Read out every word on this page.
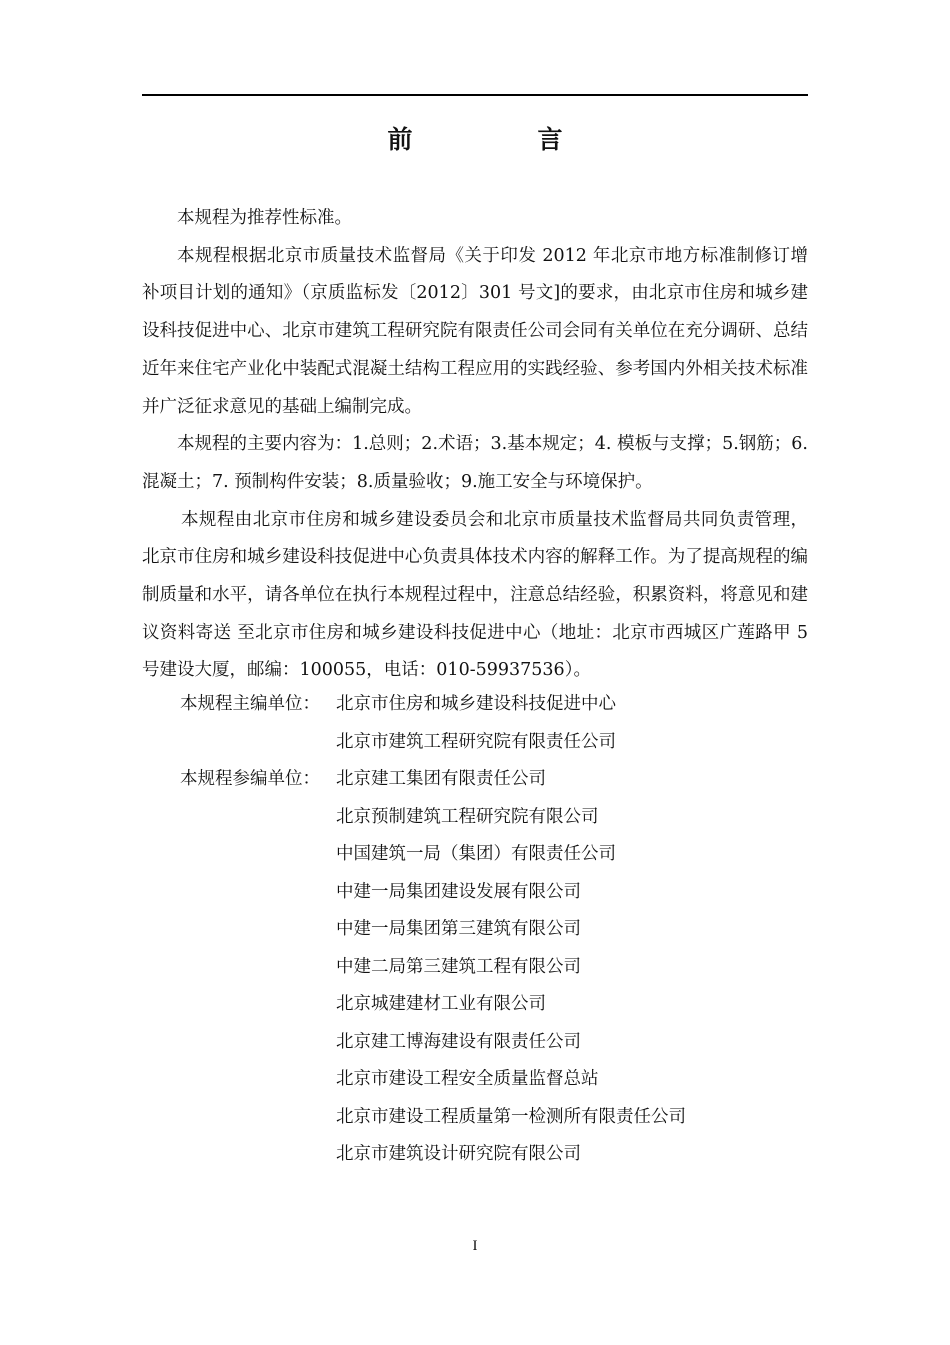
前　言

本规程为推荐性标准。

本规程根据北京市质量技术监督局《关于印发 2012 年北京市地方标准制修订增补项目计划的通知》（京质监标发〔2012〕301 号文]的要求，由北京市住房和城乡建设科技促进中心、北京市建筑工程研究院有限责任公司会同有关单位在充分调研、总结近年来住宅产业化中装配式混凝土结构工程应用的实践经验、参考国内外相关技术标准并广泛征求意见的基础上编制完成。

本规程的主要内容为：1.总则；2.术语；3.基本规定；4. 模板与支撑；5.钢筋；6.混凝土；7. 预制构件安装；8.质量验收；9.施工安全与环境保护。

本规程由北京市住房和城乡建设委员会和北京市质量技术监督局共同负责管理，北京市住房和城乡建设科技促进中心负责具体技术内容的解释工作。为了提高规程的编制质量和水平，请各单位在执行本规程过程中，注意总结经验，积累资料，将意见和建议资料寄送 至北京市住房和城乡建设科技促进中心（地址：北京市西城区广莲路甲 5 号建设大厦，邮编：100055，电话：010-59937536）。

本规程主编单位： 北京市住房和城乡建设科技促进中心
北京市建筑工程研究院有限责任公司
本规程参编单位： 北京建工集团有限责任公司
北京预制建筑工程研究院有限公司
中国建筑一局（集团）有限责任公司
中建一局集团建设发展有限公司
中建一局集团第三建筑有限公司
中建二局第三建筑工程有限公司
北京城建建材工业有限公司
北京建工博海建设有限责任公司
北京市建设工程安全质量监督总站
北京市建设工程质量第一检测所有限责任公司
北京市建筑设计研究院有限公司
I
